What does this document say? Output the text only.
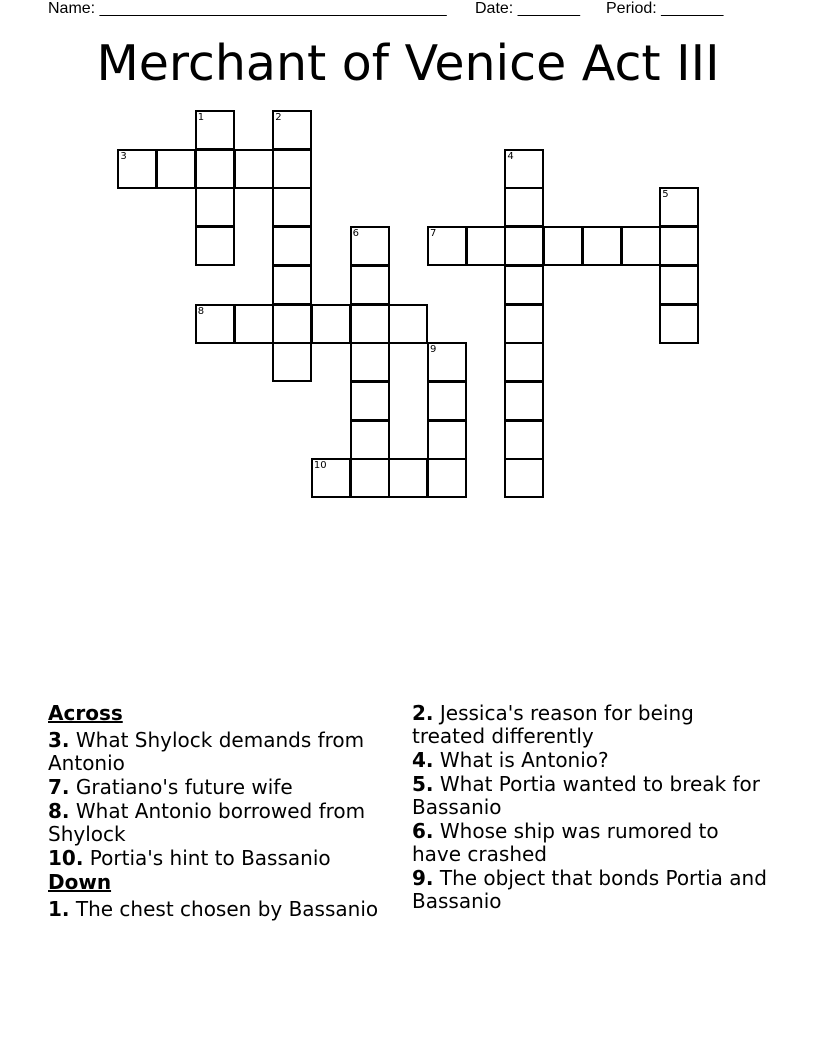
Name: _______________________________________ Date: _______ Period: _______
Merchant of Venice Act III
1	2
3	4
5
6	7
8
9
10
Across
3. What Shylock demands from Antonio
7. Gratiano's future wife
8. What Antonio borrowed from Shylock
10. Portia's hint to Bassanio
Down
1. The chest chosen by Bassanio
2. Jessica's reason for being treated differently
4. What is Antonio?
5. What Portia wanted to break for Bassanio
6. Whose ship was rumored to have crashed
9. The object that bonds Portia and Bassanio
